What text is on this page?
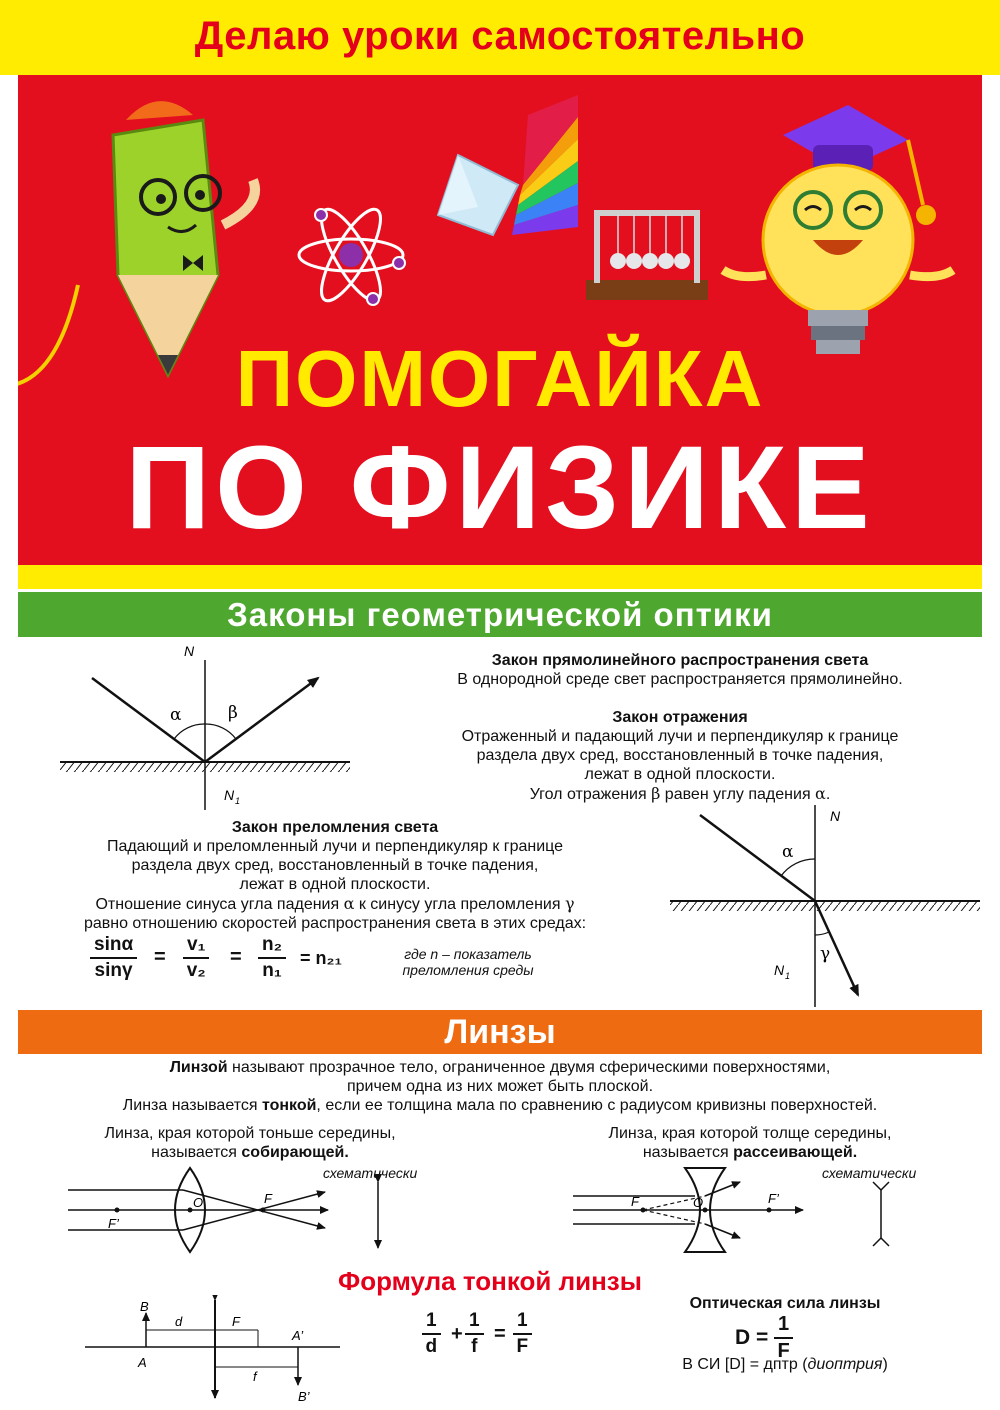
Делаю уроки самостоятельно
ПОМОГАЙКА
ПО ФИЗИКЕ
Законы геометрической оптики
N
α	β
N 1
Закон прямолинейного распространения света
В однородной среде свет распространяется прямолинейно.
Закон отражения
Отраженный и падающий лучи и перпендикуляр к границе
раздела двух сред, восстановленный в точке падения,
лежат в одной плоскости.
Угол отражения β равен углу падения α.
Закон преломления света
Падающий и преломленный лучи и перпендикуляр к границе
раздела двух сред, восстановленный в точке падения,
лежат в одной плоскости.
Отношение синуса угла падения α к синусу угла преломления γ
равно отношению скоростей распространения света в этих средах:
$\frac{\sin\alpha}{\sin\gamma} = \frac{\text{v₁}}{\text{v₂}} = \frac{\text{n₂}}{\text{n₁}} = n_{21}$	где n – показатель
преломления среды
N
α
γ
N 1
Линзы
Линзой называют прозрачное тело, ограниченное двумя сферическими поверхностями,
причем одна из них может быть плоской.
Линза называется тонкой, если ее толщина мала по сравнению с радиусом кривизны поверхностей.
Линза, края которой тоньше середины,
называется собирающей.
Линза, края которой толще середины,
называется рассеивающей.
схематически	схематически
O	F
F’
F	O	F’
Формула тонкой линзы
B
A
d	F
A’
f
B’
$\frac{1}{d} + \frac{1}{f} = \frac{1}{F}$
Оптическая сила линзы
$D = \frac{1}{F}$
В СИ [D] = дптр (диоптрия)
